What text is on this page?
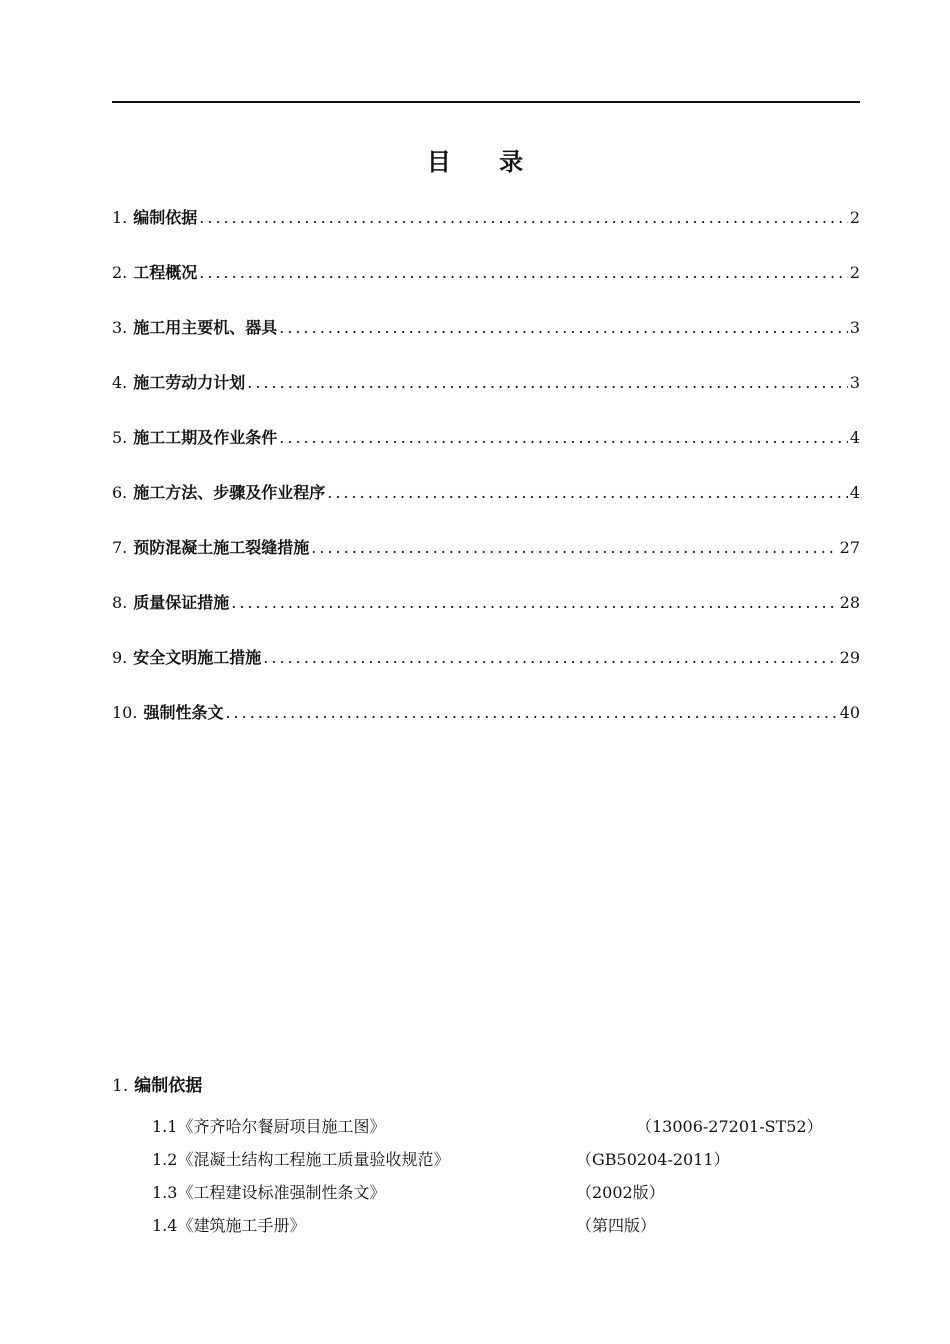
目 录
1. 编制依据 .....	2
2. 工程概况 .....	2
3. 施工用主要机、器具 .....	3
4. 施工劳动力计划 .....	3
5. 施工工期及作业条件 .....	4
6. 施工方法、步骤及作业程序 .....	4
7. 预防混凝土施工裂缝措施 .....	27
8. 质量保证措施 .....	28
9. 安全文明施工措施 .....	29
10. 强制性条文 .....	40
1. 编制依据
1.1《齐齐哈尔餐厨项目施工图》	（13006-27201-ST52）
1.2《混凝土结构工程施工质量验收规范》	（GB50204-2011）
1.3《工程建设标准强制性条文》	（2002版）
1.4《建筑施工手册》	（第四版）
